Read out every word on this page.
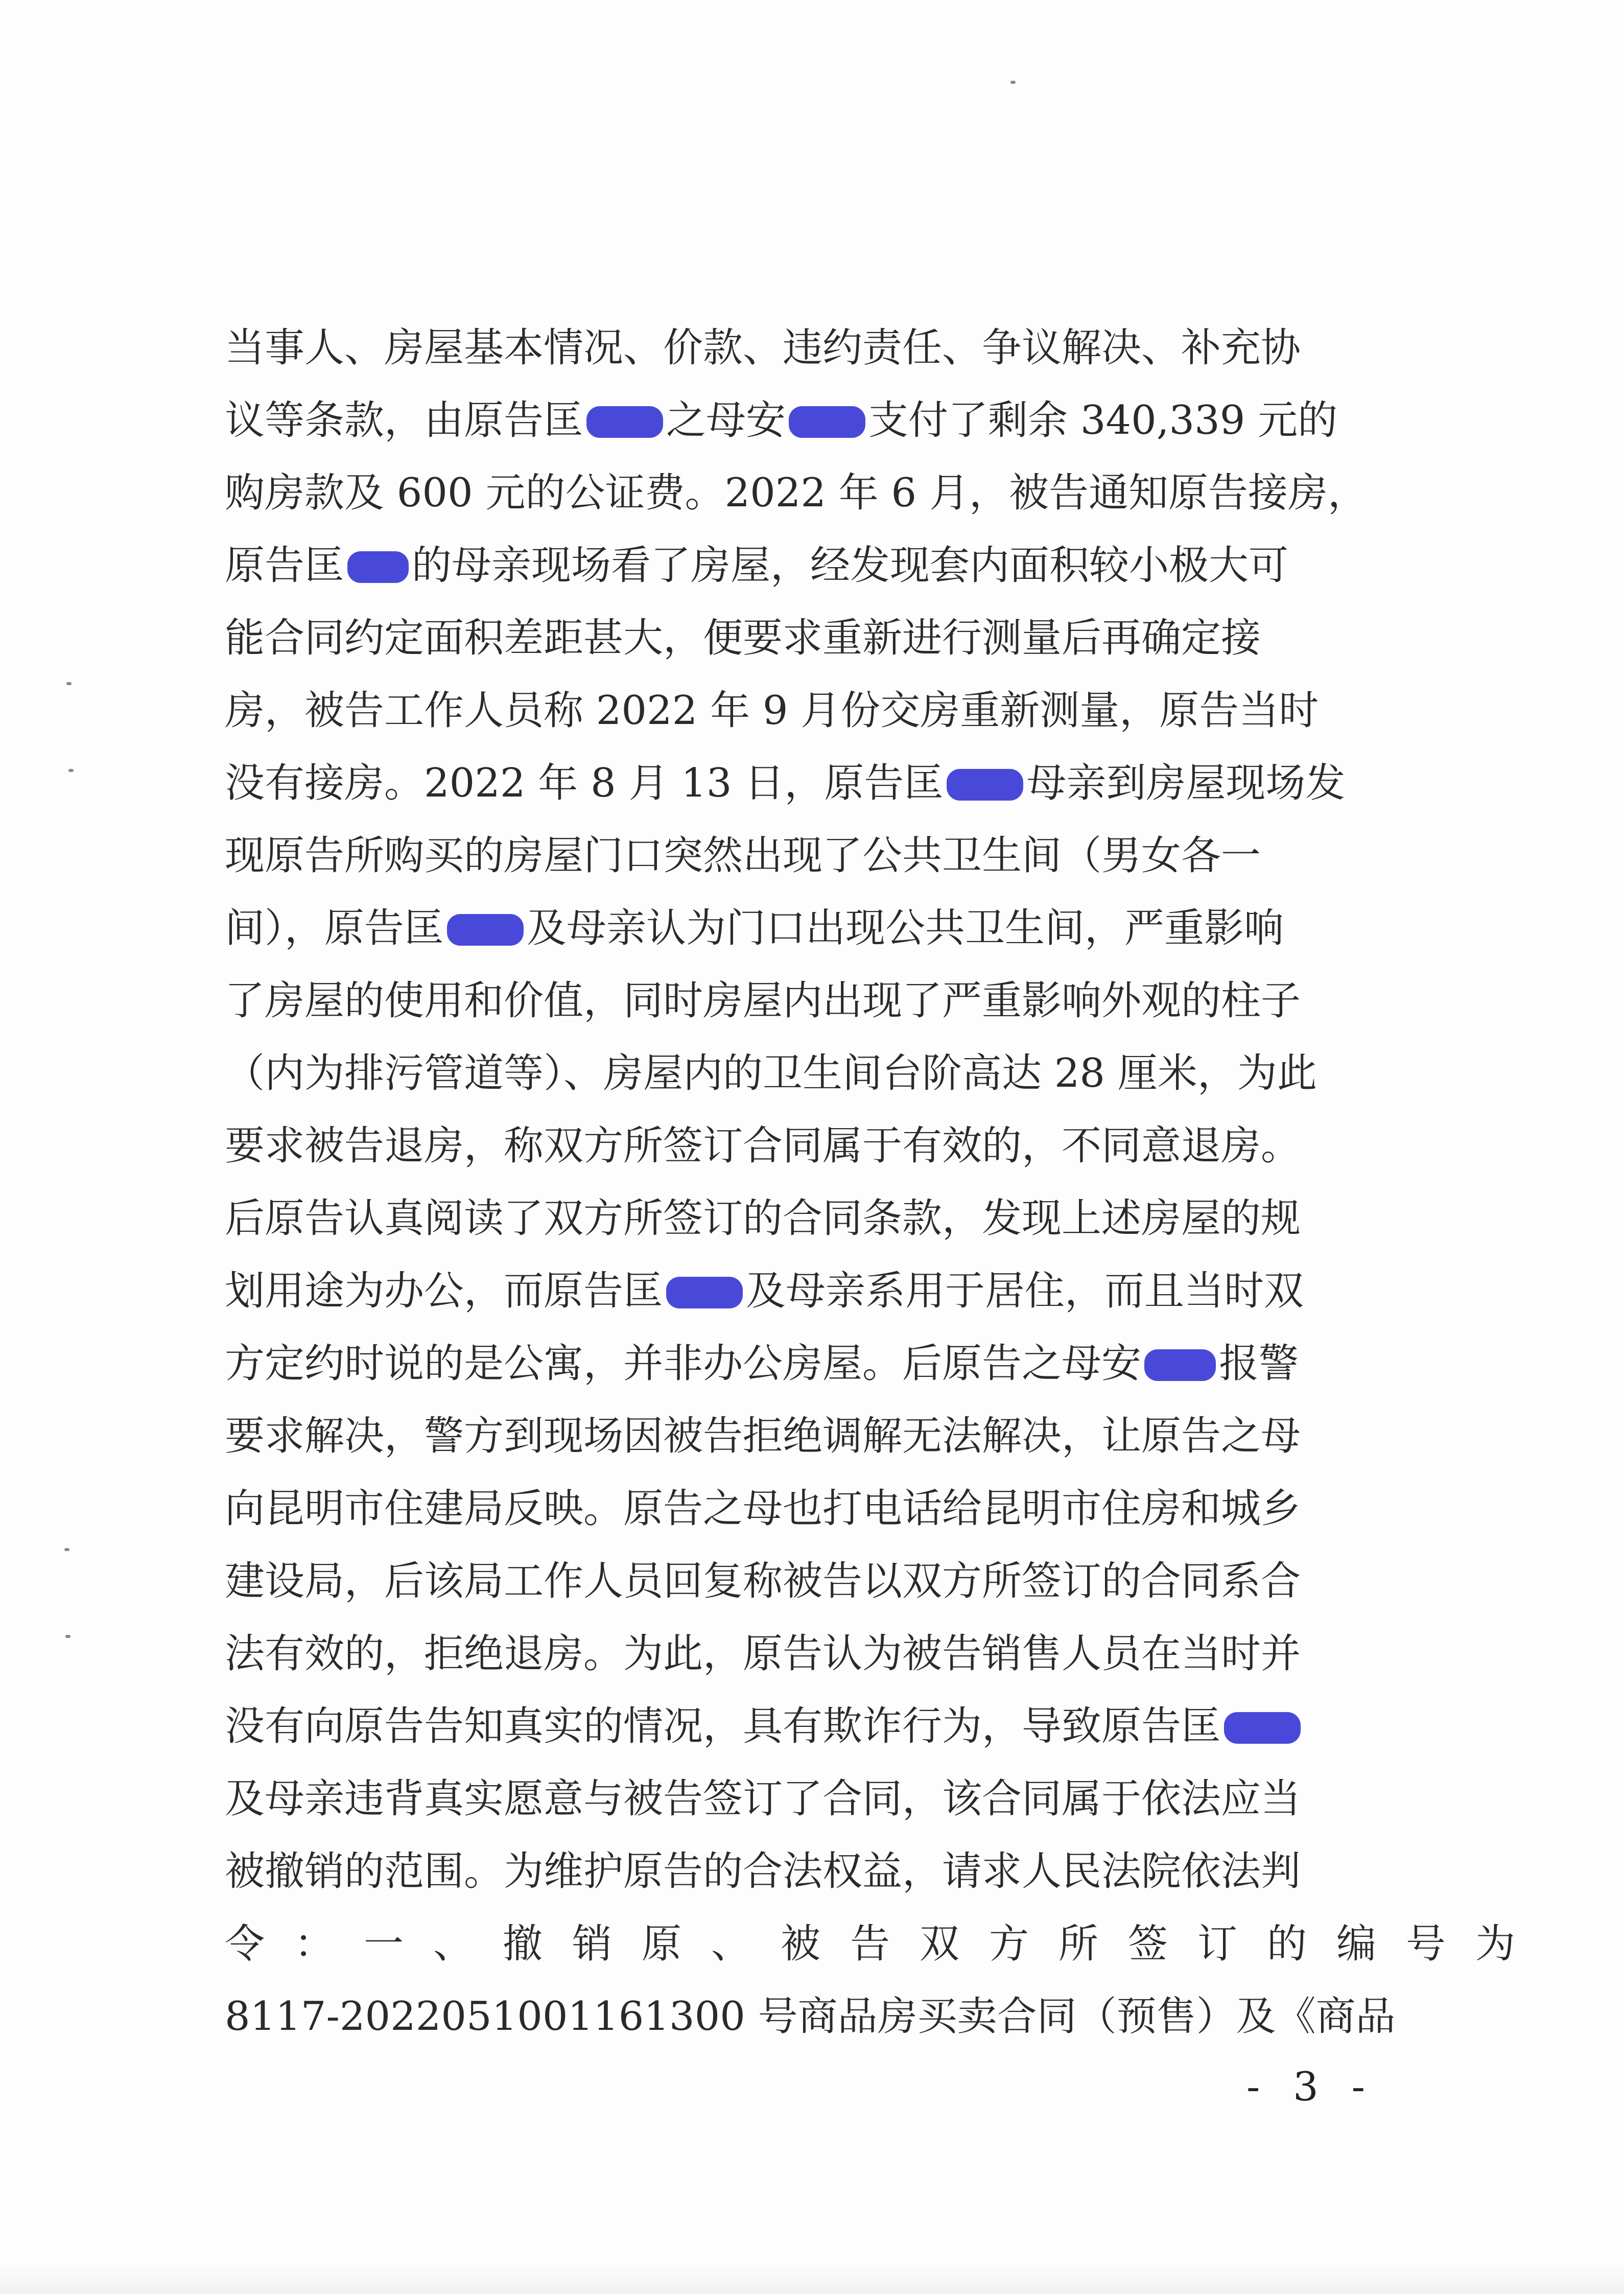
当事人、房屋基本情况、价款、违约责任、争议解决、补充协
议等条款，由原告匡 之母安 支付了剩余 340,339 元的
购房款及 600 元的公证费。2022 年 6 月，被告通知原告接房，
原告匡 的母亲现场看了房屋，经发现套内面积较小极大可
能合同约定面积差距甚大，便要求重新进行测量后再确定接
房，被告工作人员称 2022 年 9 月份交房重新测量，原告当时
没有接房。2022 年 8 月 13 日，原告匡 母亲到房屋现场发
现原告所购买的房屋门口突然出现了公共卫生间（男女各一
间），原告匡 及母亲认为门口出现公共卫生间，严重影响
了房屋的使用和价值，同时房屋内出现了严重影响外观的柱子
（内为排污管道等）、房屋内的卫生间台阶高达 28 厘米，为此
要求被告退房，称双方所签订合同属于有效的，不同意退房。
后原告认真阅读了双方所签订的合同条款，发现上述房屋的规
划用途为办公，而原告匡 及母亲系用于居住，而且当时双
方定约时说的是公寓，并非办公房屋。后原告之母安 报警
要求解决，警方到现场因被告拒绝调解无法解决，让原告之母
向昆明市住建局反映。原告之母也打电话给昆明市住房和城乡
建设局，后该局工作人员回复称被告以双方所签订的合同系合
法有效的，拒绝退房。为此，原告认为被告销售人员在当时并
没有向原告告知真实的情况，具有欺诈行为，导致原告匡
及母亲违背真实愿意与被告签订了合同，该合同属于依法应当
被撤销的范围。为维护原告的合法权益，请求人民法院依法判
令：一、撤销原、被告双方所签订的编号为
8117-2022051001161300 号商品房买卖合同（预售）及《商品
- 3 -
